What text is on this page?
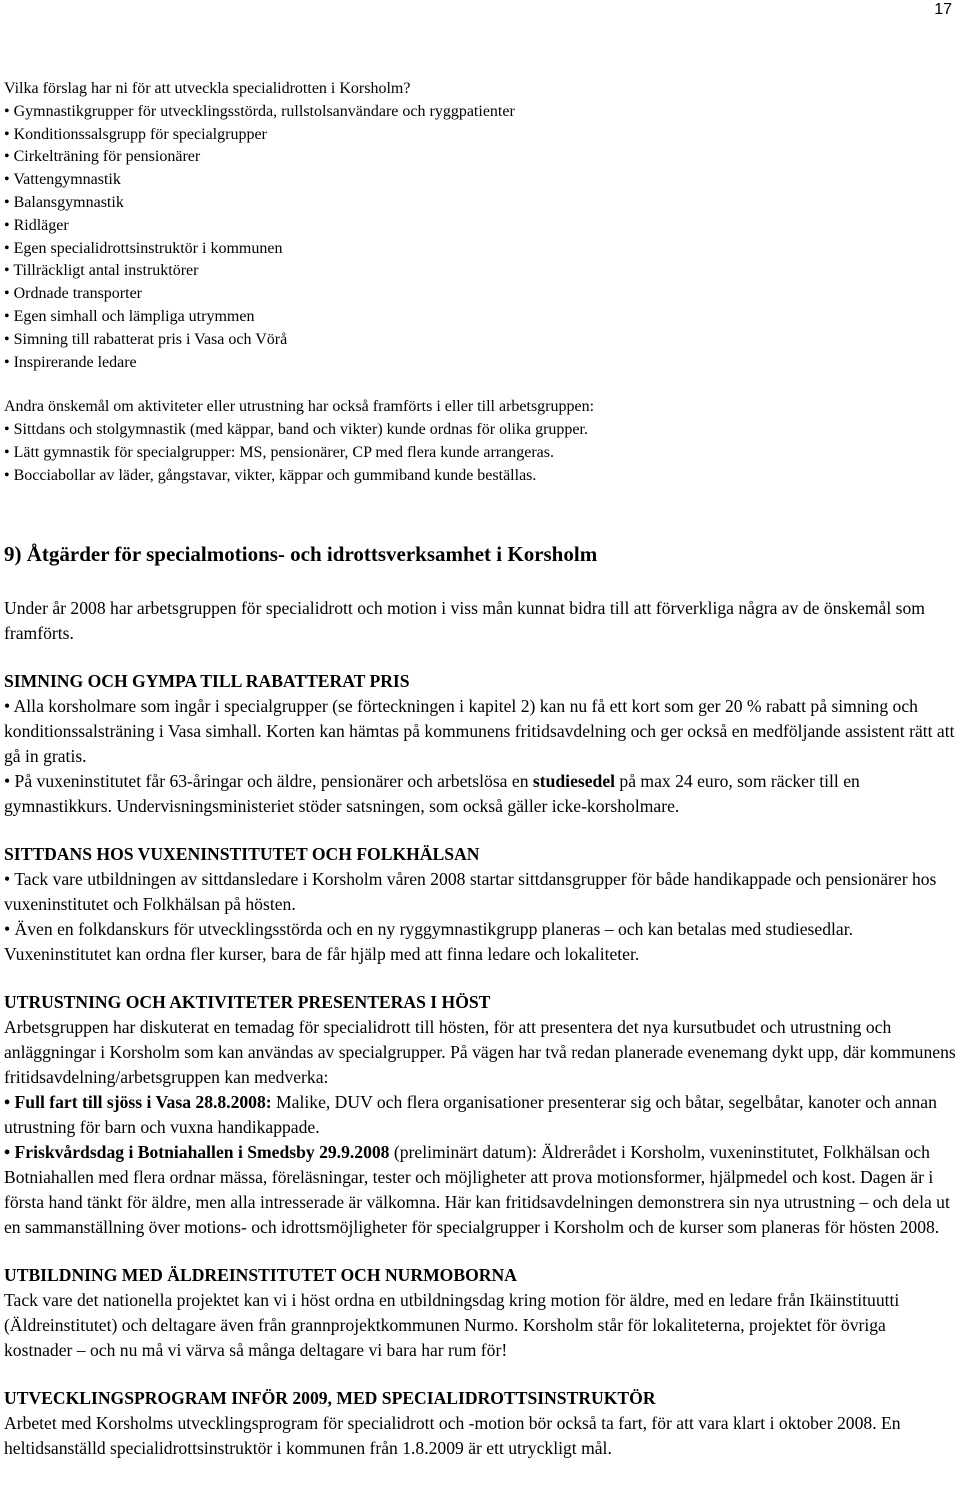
17

Vilka förslag har ni för att utveckla specialidrotten i Korsholm?

• Gymnastikgrupper för utvecklingsstörda, rullstolsanvändare och ryggpatienter

• Konditionssalsgrupp för specialgrupper

• Cirkelträning för pensionärer

• Vattengymnastik

• Balansgymnastik

• Ridläger

• Egen specialidrottsinstruktör i kommunen

• Tillräckligt antal instruktörer

• Ordnade transporter

• Egen simhall och lämpliga utrymmen

• Simning till rabatterat pris i Vasa och Vörå

• Inspirerande ledare

Andra önskemål om aktiviteter eller utrustning har också framförts i eller till arbetsgruppen:

• Sittdans och stolgymnastik (med käppar, band och vikter) kunde ordnas för olika grupper.

• Lätt gymnastik för specialgrupper: MS, pensionärer, CP med flera kunde arrangeras.

• Bocciabollar av läder, gångstavar, vikter, käppar och gummiband kunde beställas.

9) Åtgärder för specialmotions- och idrottsverksamhet i Korsholm

Under år 2008 har arbetsgruppen för specialidrott och motion i viss mån kunnat bidra till att förverkliga några av de önskemål som framförts.

SIMNING OCH GYMPA TILL RABATTERAT PRIS

• Alla korsholmare som ingår i specialgrupper (se förteckningen i kapitel 2) kan nu få ett kort som ger 20 % rabatt på simning och konditionssalsträning i Vasa simhall. Korten kan hämtas på kommunens fritidsavdelning och ger också en medföljande assistent rätt att gå in gratis.

• På vuxeninstitutet får 63-åringar och äldre, pensionärer och arbetslösa en studiesedel på max 24 euro, som räcker till en gymnastikkurs. Undervisningsministeriet stöder satsningen, som också gäller icke-korsholmare.

SITTDANS HOS VUXENINSTITUTET OCH FOLKHÄLSAN

• Tack vare utbildningen av sittdansledare i Korsholm våren 2008 startar sittdansgrupper för både handikappade och pensionärer hos vuxeninstitutet och Folkhälsan på hösten.

• Även en folkdanskurs för utvecklingsstörda och en ny ryggymnastikgrupp planeras – och kan betalas med studiesedlar. Vuxeninstitutet kan ordna fler kurser, bara de får hjälp med att finna ledare och lokaliteter.

UTRUSTNING OCH AKTIVITETER PRESENTERAS I HÖST

Arbetsgruppen har diskuterat en temadag för specialidrott till hösten, för att presentera det nya kursutbudet och utrustning och anläggningar i Korsholm som kan användas av specialgrupper. På vägen har två redan planerade evenemang dykt upp, där kommunens fritidsavdelning/arbetsgruppen kan medverka:

• Full fart till sjöss i Vasa 28.8.2008: Malike, DUV och flera organisationer presenterar sig och båtar, segelbåtar, kanoter och annan utrustning för barn och vuxna handikappade.

• Friskvårdsdag i Botniahallen i Smedsby 29.9.2008 (preliminärt datum): Äldrerådet i Korsholm, vuxeninstitutet, Folkhälsan och Botniahallen med flera ordnar mässa, föreläsningar, tester och möjligheter att prova motionsformer, hjälpmedel och kost. Dagen är i första hand tänkt för äldre, men alla intresserade är välkomna. Här kan fritidsavdelningen demonstrera sin nya utrustning – och dela ut en sammanställning över motions- och idrottsmöjligheter för specialgrupper i Korsholm och de kurser som planeras för hösten 2008.

UTBILDNING MED ÄLDREINSTITUTET OCH NURMOBORNA

Tack vare det nationella projektet kan vi i höst ordna en utbildningsdag kring motion för äldre, med en ledare från Ikäinstituutti (Äldreinstitutet) och deltagare även från grannprojektkommunen Nurmo. Korsholm står för lokaliteterna, projektet för övriga kostnader – och nu må vi värva så många deltagare vi bara har rum för!

UTVECKLINGSPROGRAM INFÖR 2009, MED SPECIALIDROTTSINSTRUKTÖR

Arbetet med Korsholms utvecklingsprogram för specialidrott och -motion bör också ta fart, för att vara klart i oktober 2008. En heltidsanställd specialidrottsinstruktör i kommunen från 1.8.2009 är ett utryckligt mål.
